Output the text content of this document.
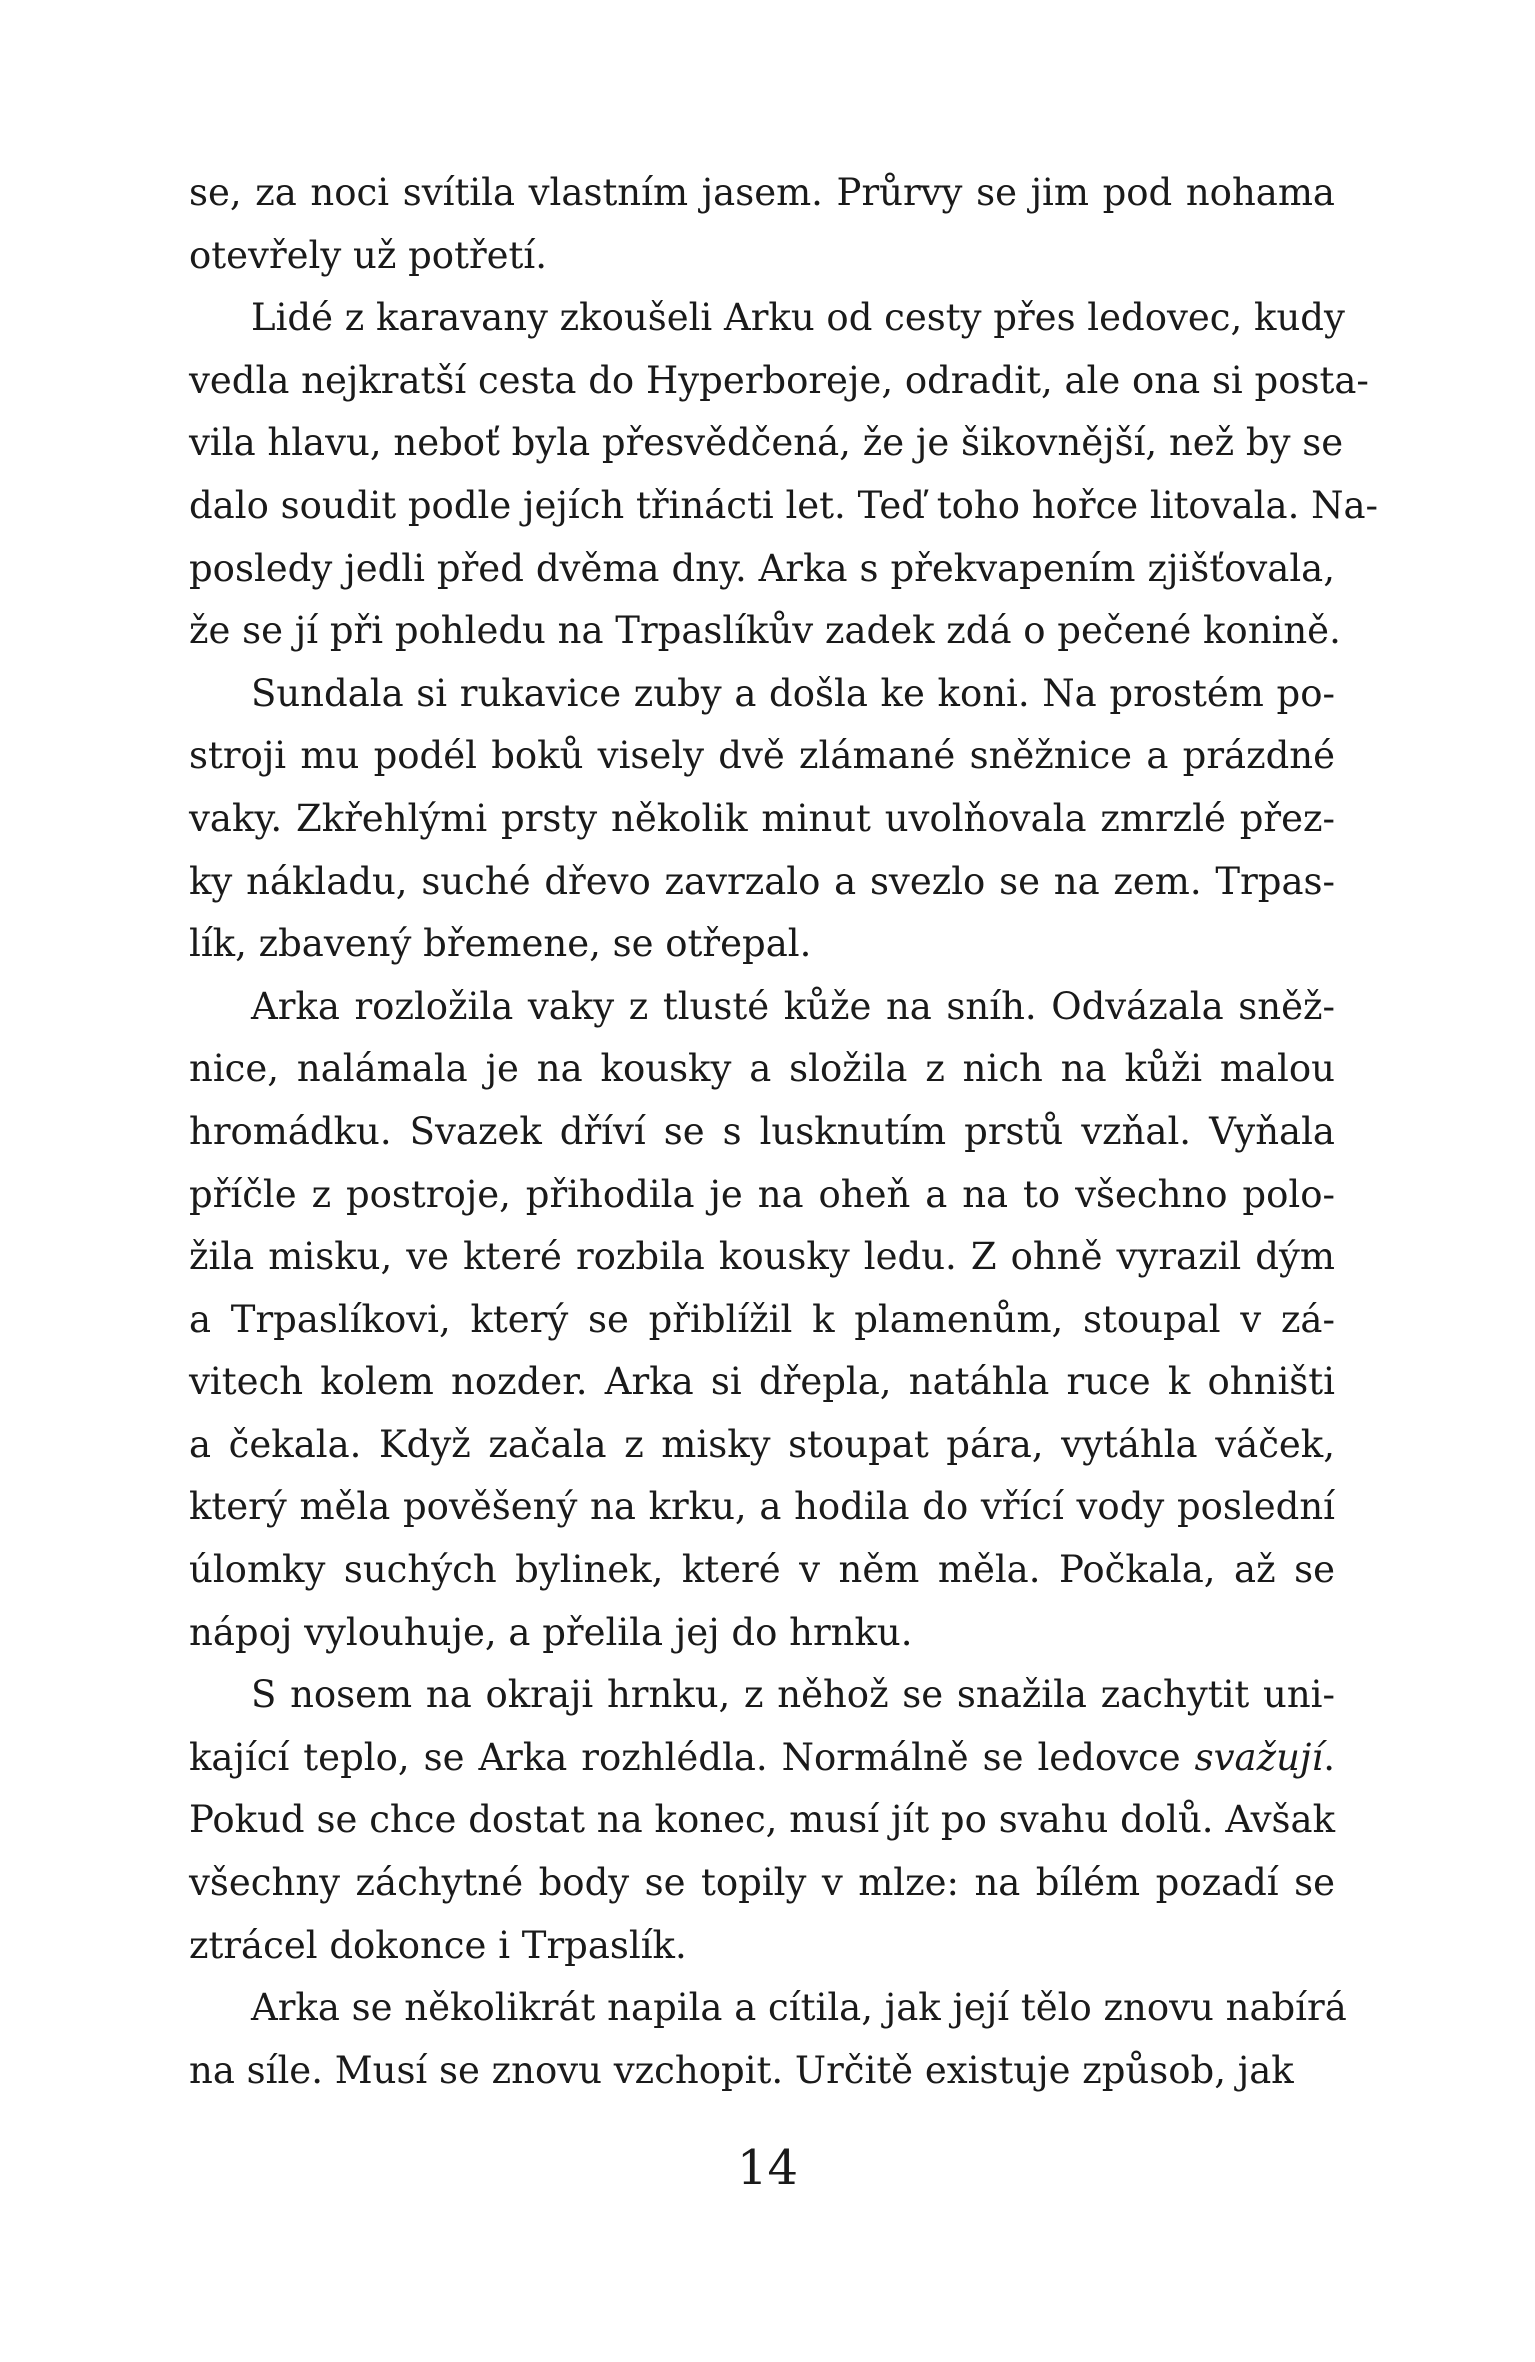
se, za noci svítila vlastním jasem. Průrvy se jim pod nohama
otevřely už potřetí.
Lidé z karavany zkoušeli Arku od cesty přes ledovec, kudy
vedla nejkratší cesta do Hyperboreje, odradit, ale ona si posta-
vila hlavu, neboť byla přesvědčená, že je šikovnější, než by se
dalo soudit podle jejích třinácti let. Teď toho hořce litovala. Na-
posledy jedli před dvěma dny. Arka s překvapením zjišťovala,
že se jí při pohledu na Trpaslíkův zadek zdá o pečené konině.
Sundala si rukavice zuby a došla ke koni. Na prostém po-
stroji mu podél boků visely dvě zlámané sněžnice a prázdné
vaky. Zkřehlými prsty několik minut uvolňovala zmrzlé přez-
ky nákladu, suché dřevo zavrzalo a svezlo se na zem. Trpas-
lík, zbavený břemene, se otřepal.
Arka rozložila vaky z tlusté kůže na sníh. Odvázala sněž-
nice, nalámala je na kousky a složila z nich na kůži malou
hromádku. Svazek dříví se s lusknutím prstů vzňal. Vyňala
příčle z postroje, přihodila je na oheň a na to všechno polo-
žila misku, ve které rozbila kousky ledu. Z ohně vyrazil dým
a Trpaslíkovi, který se přiblížil k plamenům, stoupal v zá-
vitech kolem nozder. Arka si dřepla, natáhla ruce k ohništi
a čekala. Když začala z misky stoupat pára, vytáhla váček,
který měla pověšený na krku, a hodila do vřící vody poslední
úlomky suchých bylinek, které v něm měla. Počkala, až se
nápoj vylouhuje, a přelila jej do hrnku.
S nosem na okraji hrnku, z něhož se snažila zachytit uni-
kající teplo, se Arka rozhlédla. Normálně se ledovce svažují.
Pokud se chce dostat na konec, musí jít po svahu dolů. Avšak
všechny záchytné body se topily v mlze: na bílém pozadí se
ztrácel dokonce i Trpaslík.
Arka se několikrát napila a cítila, jak její tělo znovu nabírá
na síle. Musí se znovu vzchopit. Určitě existuje způsob, jak
14
